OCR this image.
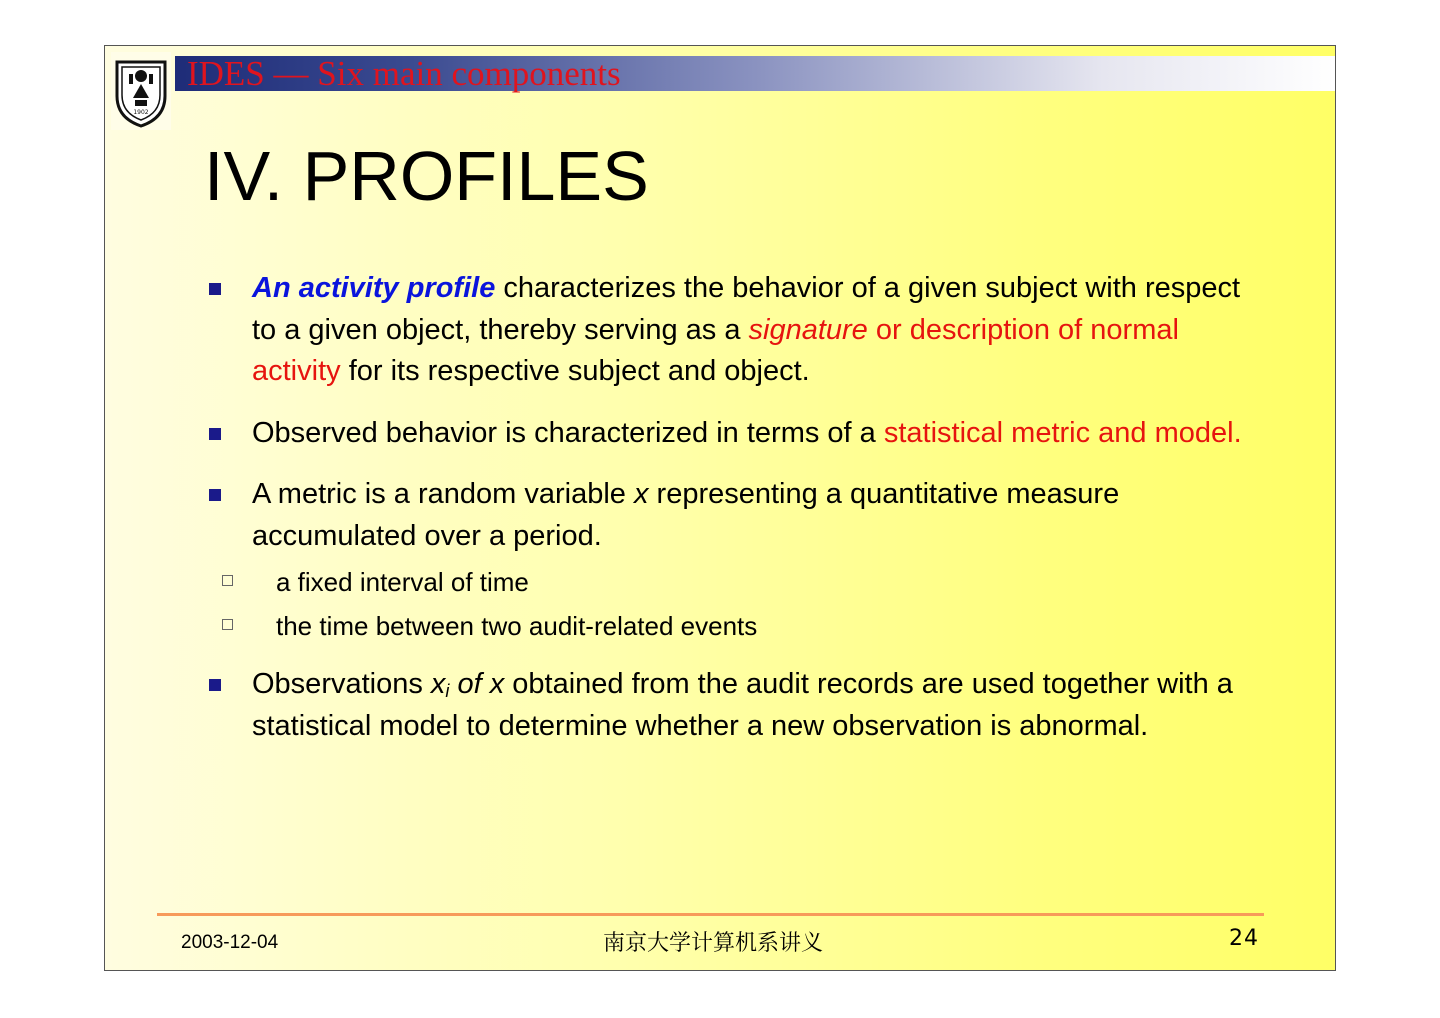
1902
IDES — Six main components
IV. PROFILES
An activity profile characterizes the behavior of a given subject with respect to a given object, thereby serving as a signature or description of normal activity for its respective subject and object.
Observed behavior is characterized in terms of a statistical metric and model.
A metric is a random variable x representing a quantitative measure accumulated over a period.
a fixed interval of time
the time between two audit-related events
Observations $x_i$ of x obtained from the audit records are used together with a statistical model to determine whether a new observation is abnormal.
2003-12-04	南京大学计算机系讲义	24
